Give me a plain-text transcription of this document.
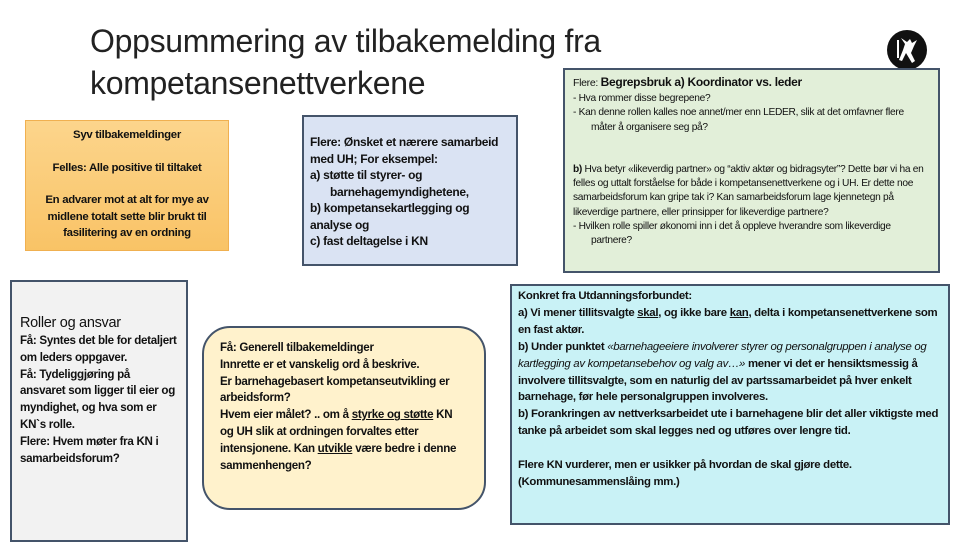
Oppsummering av tilbakemelding fra
kompetansenettverkene

Syv tilbakemeldinger

Felles: Alle positive til tiltaket

En advarer mot at alt for mye av midlene totalt sette blir brukt til fasilitering av en ordning

Flere: Ønsket et nærere samarbeid med UH; For eksempel:
a) støtte til styrer- og
barnehagemyndighetene,
b) kompetansekartlegging og analyse og
c) fast deltagelse i KN
Flere: Begrepsbruk a) Koordinator vs. leder
- Hva rommer disse begrepene?
- Kan denne rollen kalles noe annet/mer enn LEDER, slik at det omfavner flere måter å organisere seg på?
b) Hva betyr «likeverdig partner» og “aktiv aktør og bidragsyter”? Dette bør vi ha en felles og uttalt forståelse for både i kompetansenettverkene og i UH. Er dette noe samarbeidsforum kan gripe tak i? Kan samarbeidsforum lage kjennetegn på likeverdige partnere, eller prinsipper for likeverdige partnere?
- Hvilken rolle spiller økonomi inn i det å oppleve hverandre som likeverdige partnere?
Roller og ansvar
Få: Syntes det ble for detaljert om leders oppgaver.
Få: Tydeliggjøring på ansvaret som ligger til eier og myndighet, og hva som er KN`s rolle.
Flere: Hvem møter fra KN i samarbeidsforum?
Få: Generell tilbakemeldinger
Innrette er et vanskelig ord å beskrive.
Er barnehagebasert kompetanseutvikling er arbeidsform?
Hvem eier målet? .. om å styrke og støtte KN og UH slik at ordningen forvaltes etter intensjonene. Kan utvikle være bedre i denne sammenhengen?
Konkret fra Utdanningsforbundet:
a) Vi mener tillitsvalgte skal, og ikke bare kan, delta i kompetansenettverkene som en fast aktør.
b) Under punktet «barnehageeiere involverer styrer og personalgruppen i analyse og kartlegging av kompetansebehov og valg av…» mener vi det er hensiktsmessig å involvere tillitsvalgte, som en naturlig del av partssamarbeidet på hver enkelt barnehage, før hele personalgruppen involveres.
b) Forankringen av nettverksarbeidet ute i barnehagene blir det aller viktigste med tanke på arbeidet som skal legges ned og utføres over lengre tid.
Flere KN vurderer, men er usikker på hvordan de skal gjøre dette.
(Kommunesammenslåing mm.)
